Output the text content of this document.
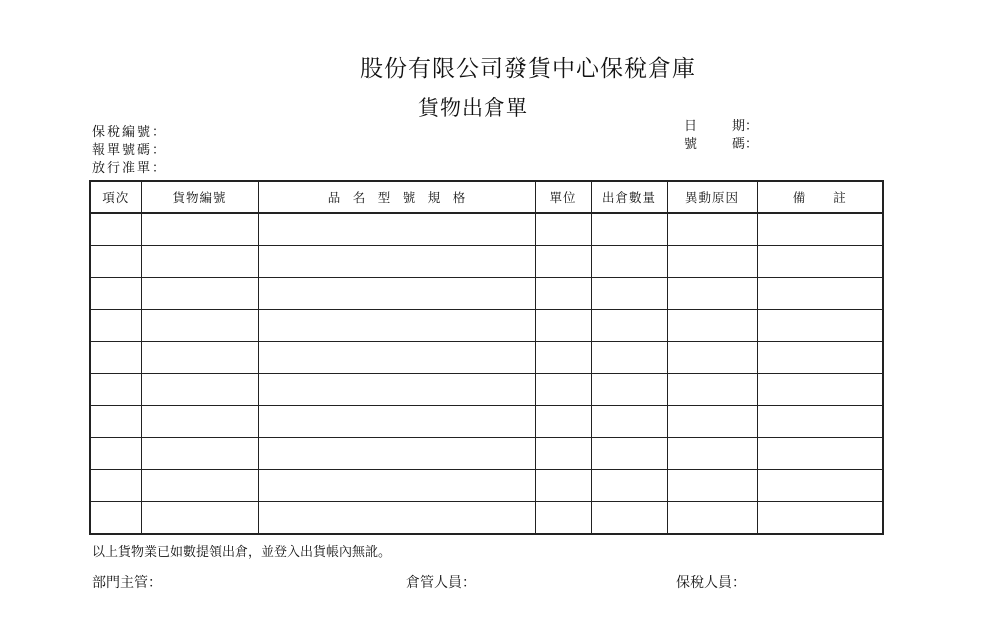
股份有限公司發貨中心保稅倉庫
貨物出倉單
保稅編號：
報單號碼：
放行准單：
日	期：
號	碼：
項次	貨物編號	品　名　型　號　規　格	單位	出倉數量	異動原因	備　　註

以上貨物業已如數提領出倉，並登入出貨帳內無訛。
部門主管：	倉管人員：	保稅人員：
